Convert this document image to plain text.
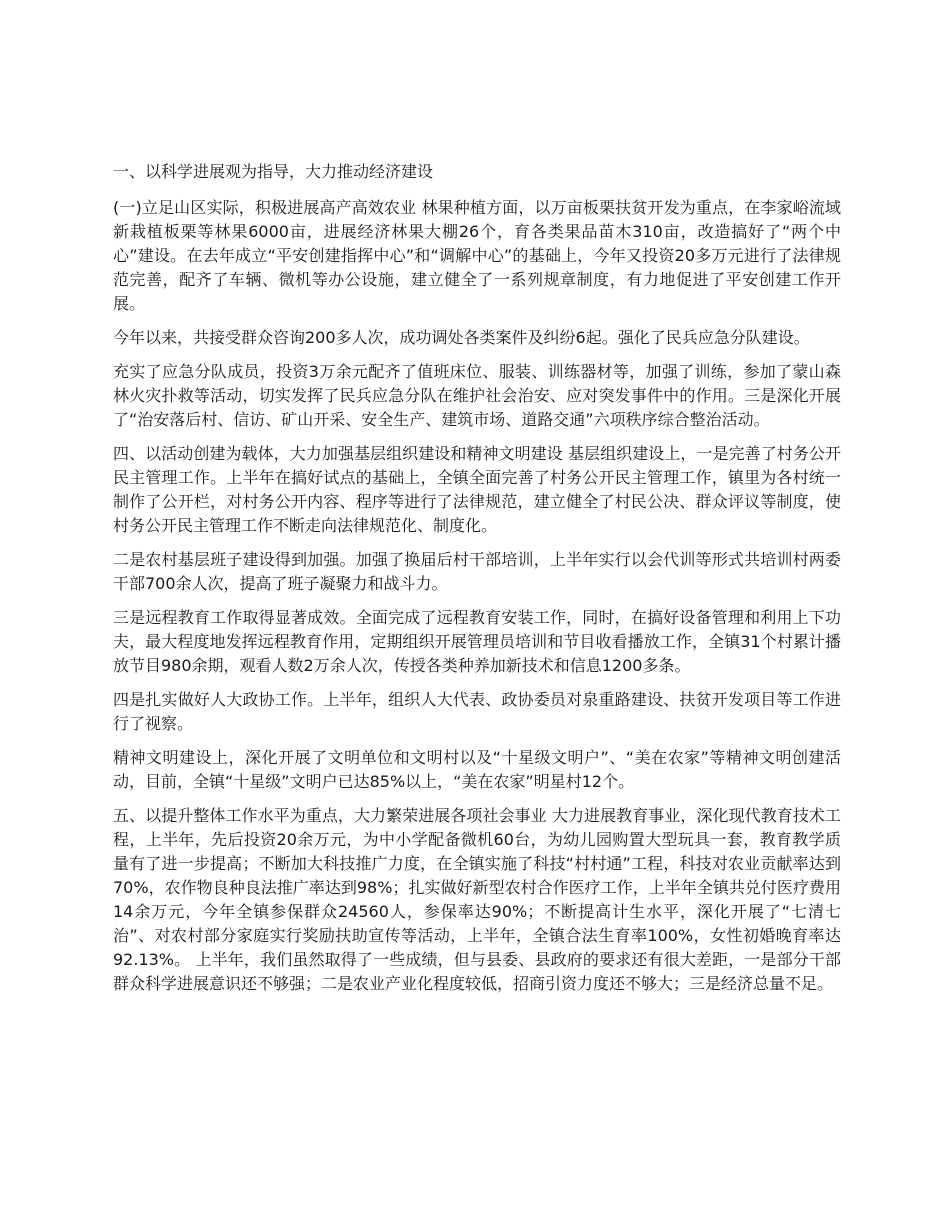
一、以科学进展观为指导，大力推动经济建设

(一)立足山区实际，积极进展高产高效农业 林果种植方面，以万亩板栗扶贫开发为重点，在李家峪流域新栽植板栗等林果6000亩，进展经济林果大棚26个，育各类果品苗木310亩，改造搞好了“两个中心”建设。在去年成立“平安创建指挥中心”和“调解中心”的基础上，今年又投资20多万元进行了法律规范完善，配齐了车辆、微机等办公设施，建立健全了一系列规章制度，有力地促进了平安创建工作开展。

今年以来，共接受群众咨询200多人次，成功调处各类案件及纠纷6起。强化了民兵应急分队建设。

充实了应急分队成员，投资3万余元配齐了值班床位、服装、训练器材等，加强了训练，参加了蒙山森林火灾扑救等活动，切实发挥了民兵应急分队在维护社会治安、应对突发事件中的作用。三是深化开展了“治安落后村、信访、矿山开采、安全生产、建筑市场、道路交通”六项秩序综合整治活动。

四、以活动创建为载体，大力加强基层组织建设和精神文明建设 基层组织建设上，一是完善了村务公开民主管理工作。上半年在搞好试点的基础上，全镇全面完善了村务公开民主管理工作，镇里为各村统一制作了公开栏，对村务公开内容、程序等进行了法律规范，建立健全了村民公决、群众评议等制度，使村务公开民主管理工作不断走向法律规范化、制度化。

二是农村基层班子建设得到加强。加强了换届后村干部培训，上半年实行以会代训等形式共培训村两委干部700余人次，提高了班子凝聚力和战斗力。

三是远程教育工作取得显著成效。全面完成了远程教育安装工作，同时，在搞好设备管理和利用上下功夫，最大程度地发挥远程教育作用，定期组织开展管理员培训和节目收看播放工作，全镇31个村累计播放节目980余期，观看人数2万余人次，传授各类种养加新技术和信息1200多条。

四是扎实做好人大政协工作。上半年，组织人大代表、政协委员对泉重路建设、扶贫开发项目等工作进行了视察。

精神文明建设上，深化开展了文明单位和文明村以及“十星级文明户”、“美在农家”等精神文明创建活动，目前，全镇“十星级”文明户已达85%以上，“美在农家”明星村12个。

五、以提升整体工作水平为重点，大力繁荣进展各项社会事业 大力进展教育事业，深化现代教育技术工程，上半年，先后投资20余万元，为中小学配备微机60台，为幼儿园购置大型玩具一套，教育教学质量有了进一步提高；不断加大科技推广力度，在全镇实施了科技“村村通”工程，科技对农业贡献率达到70%，农作物良种良法推广率达到98%；扎实做好新型农村合作医疗工作，上半年全镇共兑付医疗费用14余万元，今年全镇参保群众24560人，参保率达90%；不断提高计生水平，深化开展了“七清七治”、对农村部分家庭实行奖励扶助宣传等活动，上半年，全镇合法生育率100%，女性初婚晚育率达92.13%。 上半年，我们虽然取得了一些成绩，但与县委、县政府的要求还有很大差距，一是部分干部群众科学进展意识还不够强；二是农业产业化程度较低，招商引资力度还不够大；三是经济总量不足。
